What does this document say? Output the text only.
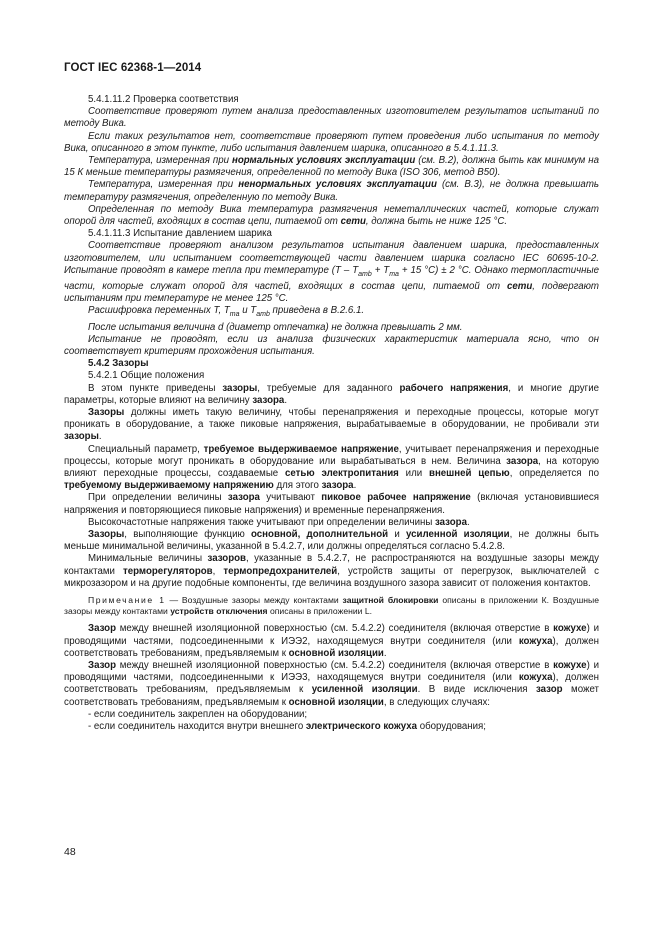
ГОСТ IEC 62368-1—2014

5.4.1.11.2 Проверка соответствия

Соответствие проверяют путем анализа предоставленных изготовителем результатов испытаний по методу Вика.

Если таких результатов нет, соответствие проверяют путем проведения либо испытания по методу Вика, описанного в этом пункте, либо испытания давлением шарика, описанного в 5.4.1.11.3.

Температура, измеренная при нормальных условиях эксплуатации (см. B.2), должна быть как минимум на 15 К меньше температуры размягчения, определенной по методу Вика (ISO 306, метод B50).

Температура, измеренная при ненормальных условиях эксплуатации (см. B.3), не должна превышать температуру размягчения, определенную по методу Вика.

Определенная по методу Вика температура размягчения неметаллических частей, которые служат опорой для частей, входящих в состав цепи, питаемой от сети, должна быть не ниже 125 °C.

5.4.1.11.3 Испытание давлением шарика

Соответствие проверяют анализом результатов испытания давлением шарика, предоставленных изготовителем, или испытанием соответствующей части давлением шарика согласно IEC 60695-10-2. Испытание проводят в камере тепла при температуре ($T - T_{amb} + T_{ma} + 15$ °C) ± 2 °C. Однако термопластичные части, которые служат опорой для частей, входящих в состав цепи, питаемой от сети, подвергают испытаниям при температуре не менее 125 °C.

Расшифровка переменных T, $T_{ma}$ и $T_{amb}$ приведена в B.2.6.1.

После испытания величина d (диаметр отпечатка) не должна превышать 2 мм.

Испытание не проводят, если из анализа физических характеристик материала ясно, что он соответствует критериям прохождения испытания.

5.4.2 Зазоры

5.4.2.1 Общие положения

В этом пункте приведены зазоры, требуемые для заданного рабочего напряжения, и многие другие параметры, которые влияют на величину зазора.

Зазоры должны иметь такую величину, чтобы перенапряжения и переходные процессы, которые могут проникать в оборудование, а также пиковые напряжения, вырабатываемые в оборудовании, не пробивали эти зазоры.

Специальный параметр, требуемое выдерживаемое напряжение, учитывает перенапряжения и переходные процессы, которые могут проникать в оборудование или вырабатываться в нем. Величина зазора, на которую влияют переходные процессы, создаваемые сетью электропитания или внешней цепью, определяется по требуемому выдерживаемому напряжению для этого зазора.

При определении величины зазора учитывают пиковое рабочее напряжение (включая установившиеся напряжения и повторяющиеся пиковые напряжения) и временные перенапряжения.

Высокочастотные напряжения также учитывают при определении величины зазора.

Зазоры, выполняющие функцию основной, дополнительной и усиленной изоляции, не должны быть меньше минимальной величины, указанной в 5.4.2.7, или должны определяться согласно 5.4.2.8.

Минимальные величины зазоров, указанные в 5.4.2.7, не распространяются на воздушные зазоры между контактами терморегуляторов, термопредохранителей, устройств защиты от перегрузок, выключателей с микрозазором и на другие подобные компоненты, где величина воздушного зазора зависит от положения контактов.

Примечание 1 — Воздушные зазоры между контактами защитной блокировки описаны в приложении К. Воздушные зазоры между контактами устройств отключения описаны в приложении L.

Зазор между внешней изоляционной поверхностью (см. 5.4.2.2) соединителя (включая отверстие в кожухе) и проводящими частями, подсоединенными к ИЭЭ2, находящемуся внутри соединителя (или кожуха), должен соответствовать требованиям, предъявляемым к основной изоляции.

Зазор между внешней изоляционной поверхностью (см. 5.4.2.2) соединителя (включая отверстие в кожухе) и проводящими частями, подсоединенными к ИЭЭ3, находящемуся внутри соединителя (или кожуха), должен соответствовать требованиям, предъявляемым к усиленной изоляции. В виде исключения зазор может соответствовать требованиям, предъявляемым к основной изоляции, в следующих случаях:

- если соединитель закреплен на оборудовании;

- если соединитель находится внутри внешнего электрического кожуха оборудования;

48
